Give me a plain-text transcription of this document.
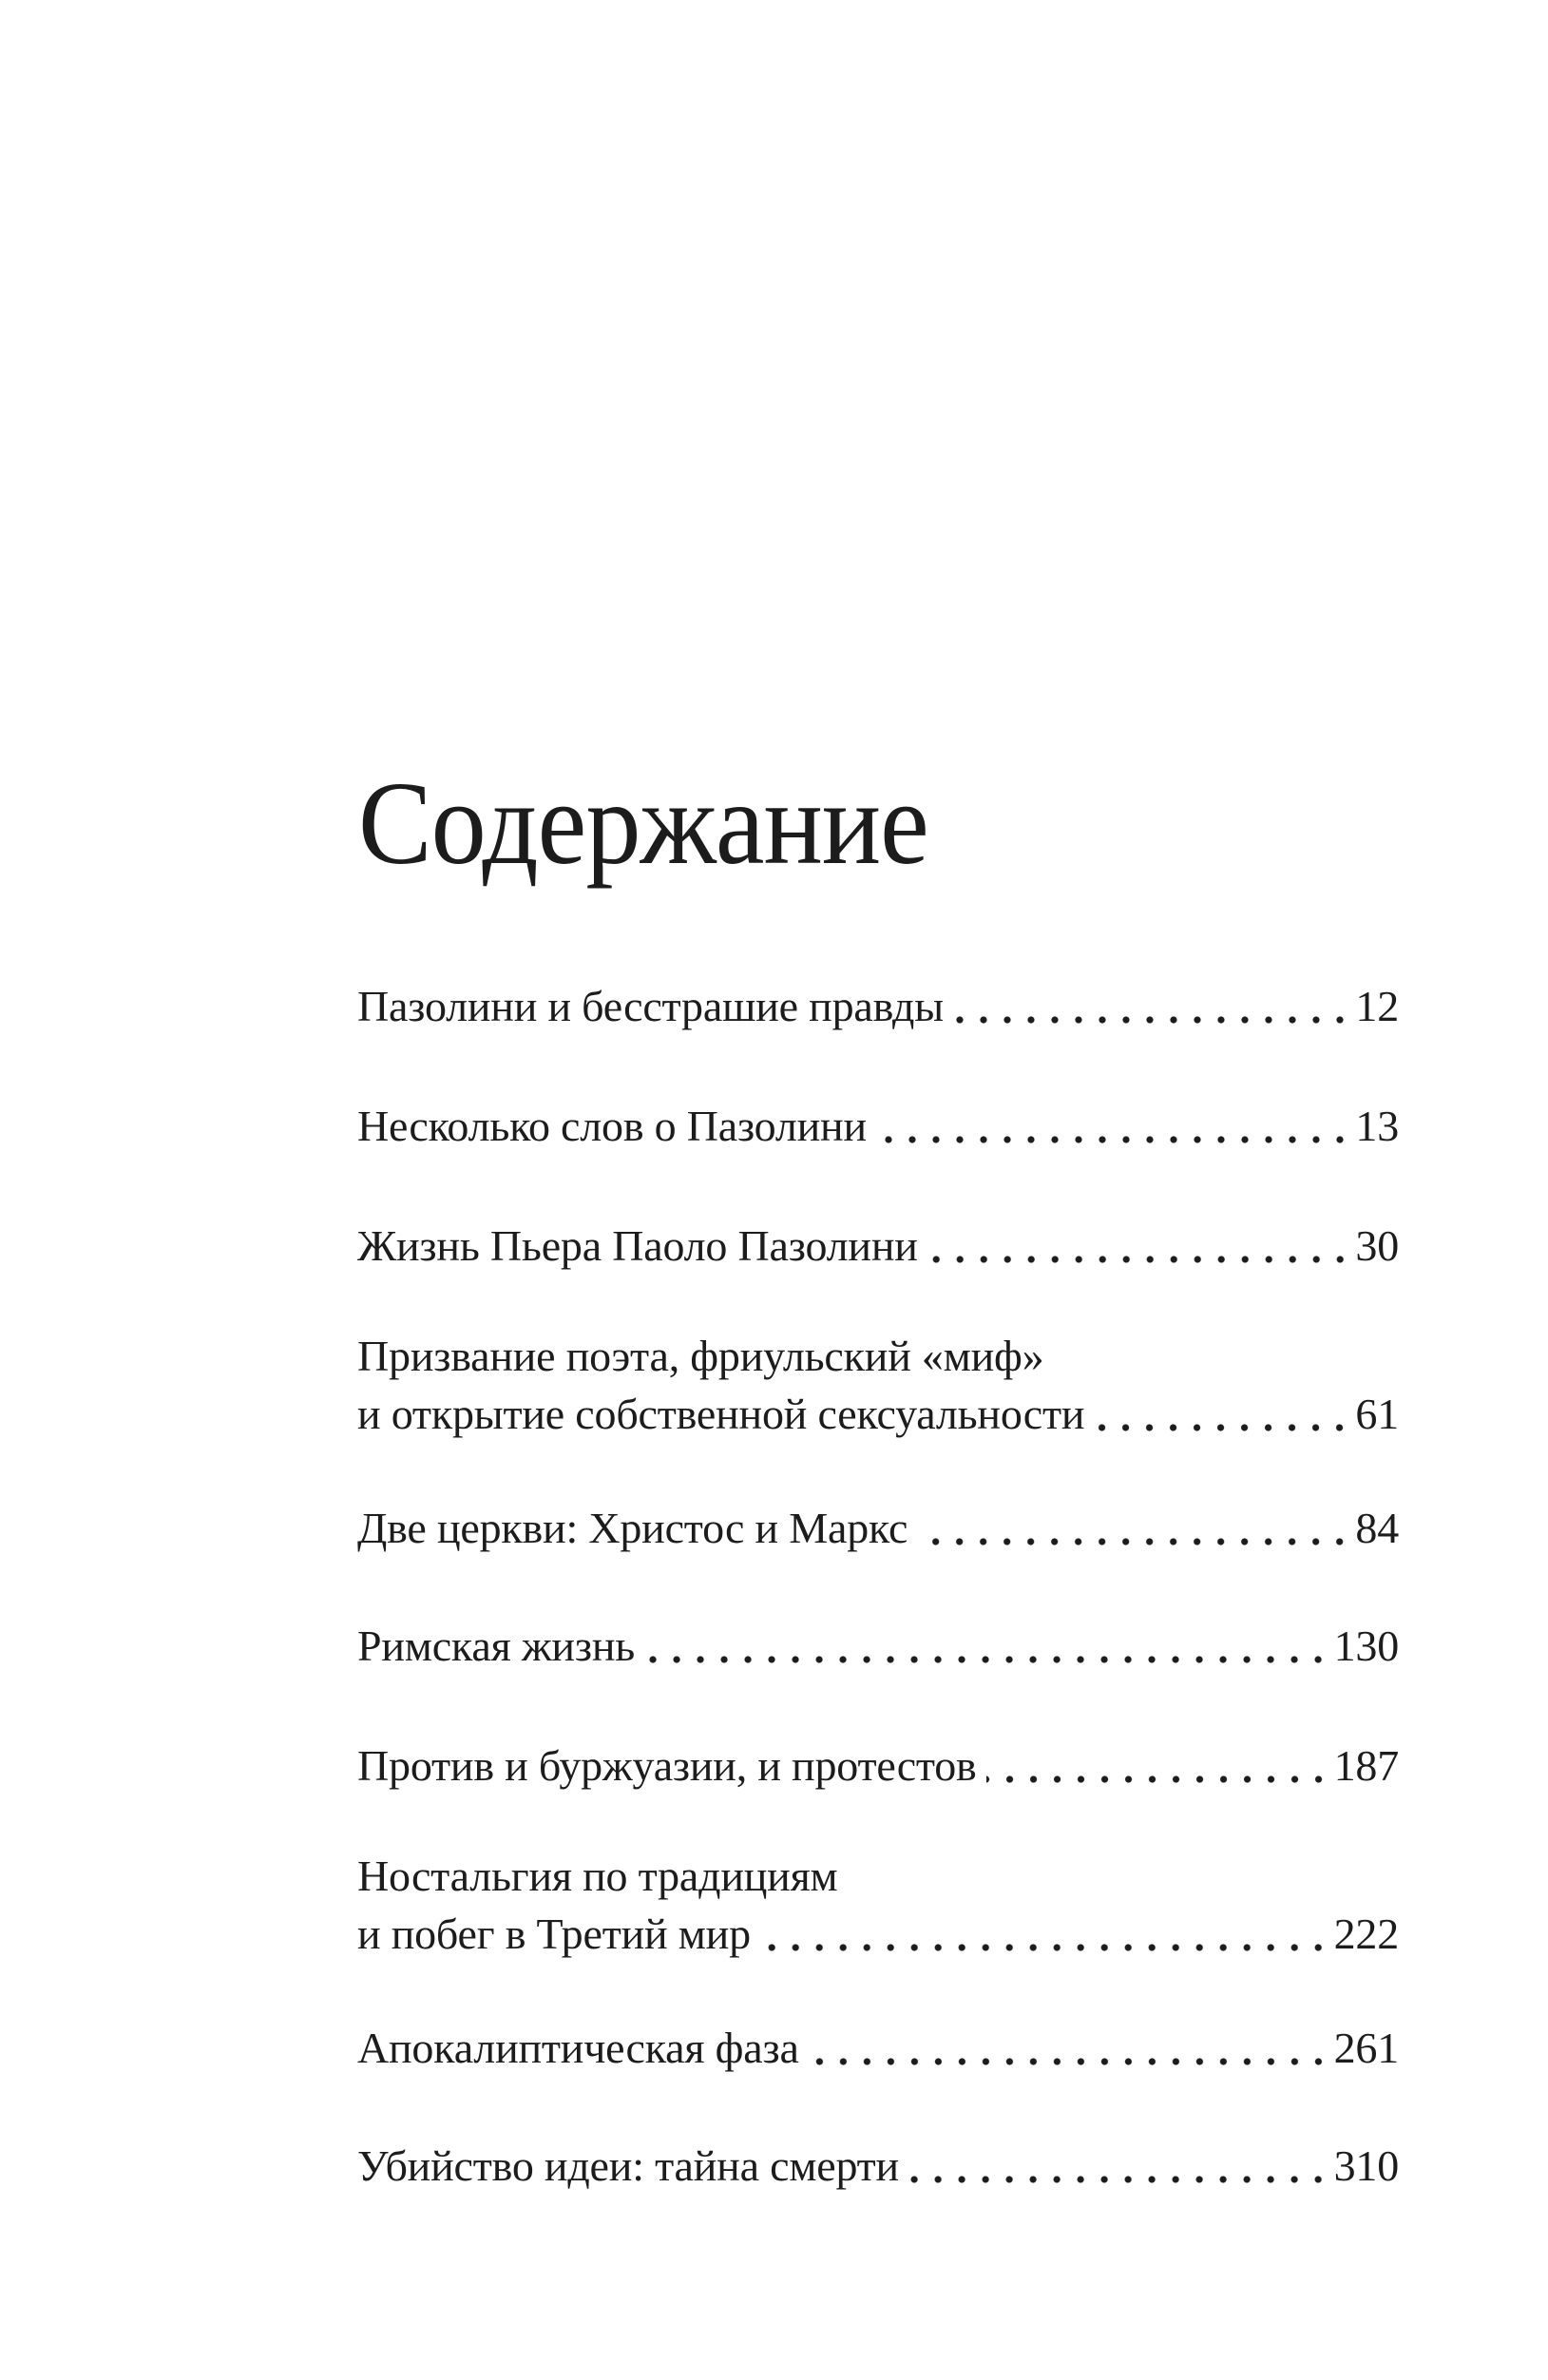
Содержание
Пазолини и бесстрашие правды	12
Несколько слов о Пазолини	13
Жизнь Пьера Паоло Пазолини	30
Призвание поэта, фриульский «миф»
и открытие собственной сексуальности	61
Две церкви: Христос и Маркс	84
Римская жизнь	130
Против и буржуазии, и протестов	187
Ностальгия по традициям
и побег в Третий мир	222
Апокалиптическая фаза	261
Убийство идеи: тайна смерти	310
